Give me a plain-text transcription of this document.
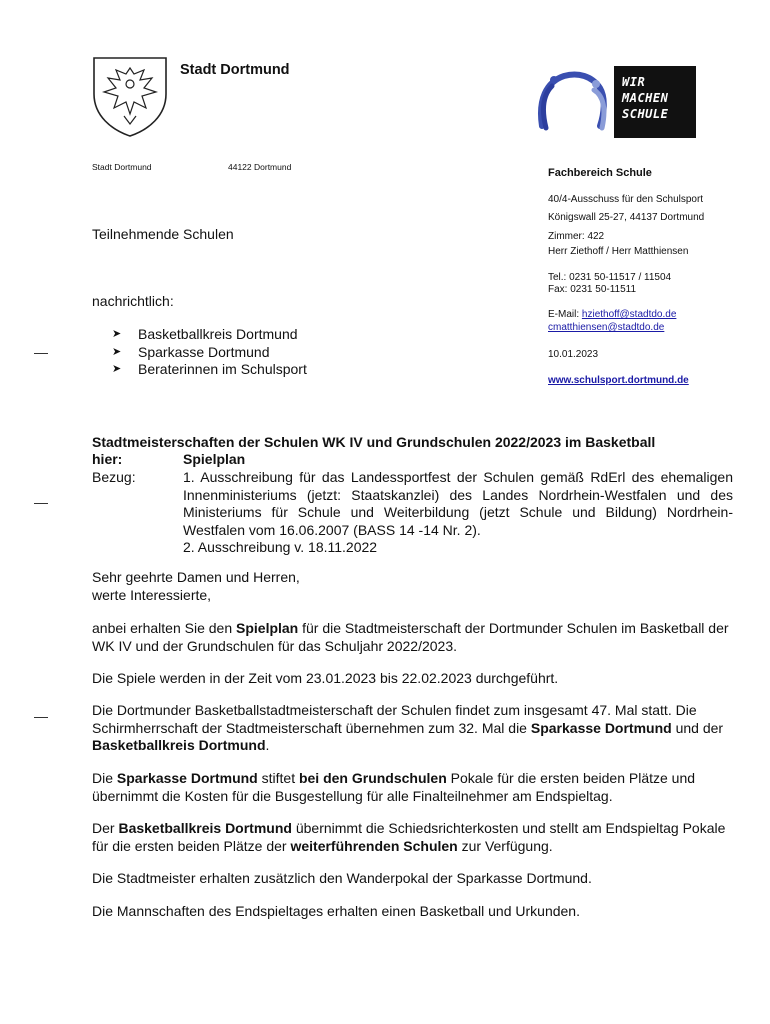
Stadt Dortmund
WIR
MACHEN
SCHULE
Stadt Dortmund	44122 Dortmund
Teilnehmende Schulen
nachrichtlich:
➤	Basketballkreis Dortmund
➤	Sparkasse Dortmund
➤	Beraterinnen im Schulsport
Fachbereich Schule
40/4-Ausschuss für den Schulsport
Königswall 25-27, 44137 Dortmund
Zimmer: 422
Herr Ziethoff / Herr Matthiensen
Tel.: 0231 50-11517 / 11504
Fax: 0231 50-11511
E-Mail: hziethoff@stadtdo.de
cmatthiensen@stadtdo.de
10.01.2023
www.schulsport.dortmund.de
Stadtmeisterschaften der Schulen WK IV und Grundschulen 2022/2023 im Basketball
hier:	Spielplan
Bezug:	1. Ausschreibung für das Landessportfest der Schulen gemäß RdErl des ehemaligen Innenministeriums (jetzt: Staatskanzlei) des Landes Nordrhein-Westfalen und des Ministeriums für Schule und Weiterbildung (jetzt Schule und Bildung) Nordrhein-Westfalen vom 16.06.2007 (BASS 14 -14 Nr. 2).
2. Ausschreibung v. 18.11.2022
Sehr geehrte Damen und Herren,
werte Interessierte,
anbei erhalten Sie den Spielplan für die Stadtmeisterschaft der Dortmunder Schulen im Basketball der WK IV und der Grundschulen für das Schuljahr 2022/2023.
Die Spiele werden in der Zeit vom 23.01.2023 bis 22.02.2023 durchgeführt.
Die Dortmunder Basketballstadtmeisterschaft der Schulen findet zum insgesamt 47. Mal statt. Die Schirmherrschaft der Stadtmeisterschaft übernehmen zum 32. Mal die Sparkasse Dortmund und der Basketballkreis Dortmund.
Die Sparkasse Dortmund stiftet bei den Grundschulen Pokale für die ersten beiden Plätze und übernimmt die Kosten für die Busgestellung für alle Finalteilnehmer am Endspieltag.
Der Basketballkreis Dortmund übernimmt die Schiedsrichterkosten und stellt am Endspieltag Pokale für die ersten beiden Plätze der weiterführenden Schulen zur Verfügung.
Die Stadtmeister erhalten zusätzlich den Wanderpokal der Sparkasse Dortmund.
Die Mannschaften des Endspieltages erhalten einen Basketball und Urkunden.
